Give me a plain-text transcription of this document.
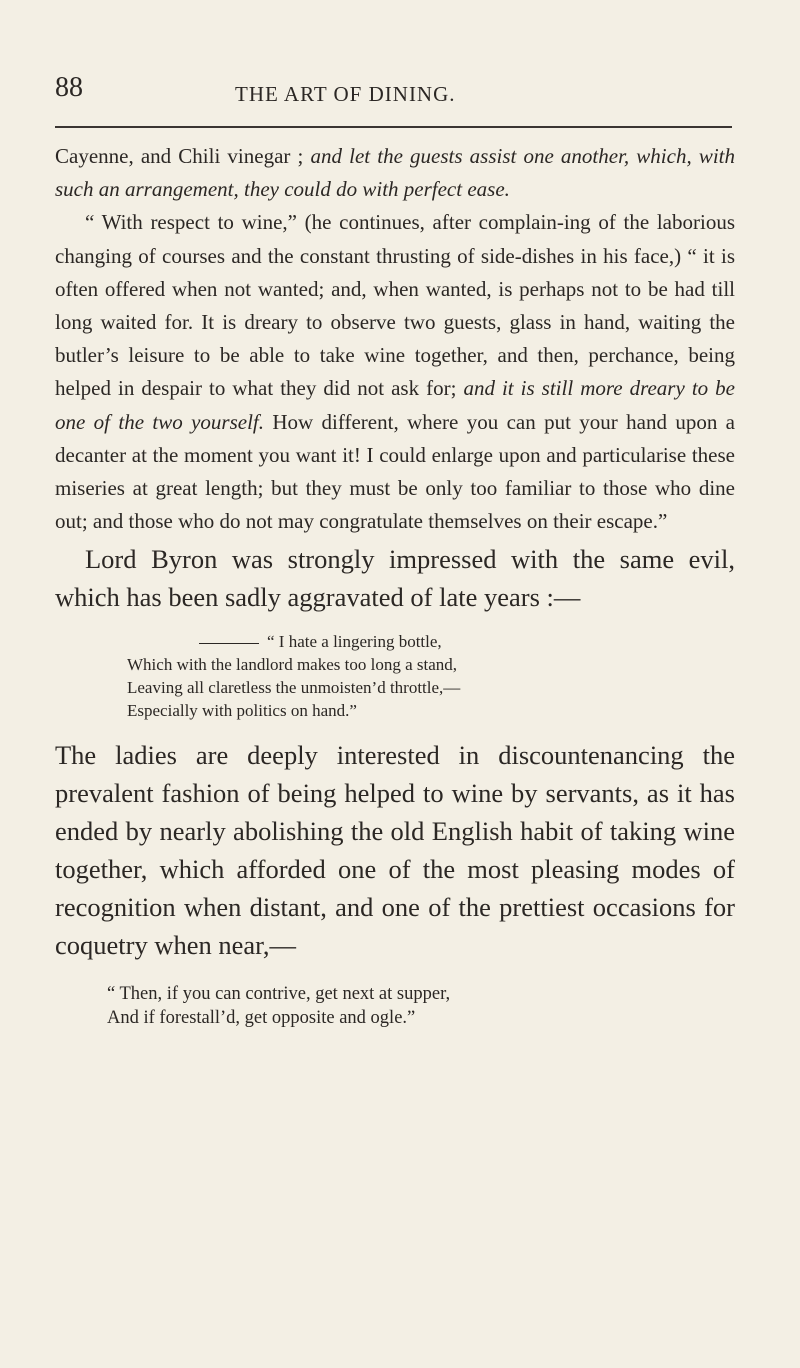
88	THE ART OF DINING.

Cayenne, and Chili vinegar ; and let the guests assist one another, which, with such an arrangement, they could do with perfect ease.

“ With respect to wine,” (he continues, after complain-ing of the laborious changing of courses and the constant thrusting of side-dishes in his face,) “ it is often offered when not wanted; and, when wanted, is perhaps not to be had till long waited for. It is dreary to observe two guests, glass in hand, waiting the butler’s leisure to be able to take wine together, and then, perchance, being helped in despair to what they did not ask for; and it is still more dreary to be one of the two yourself. How different, where you can put your hand upon a decanter at the moment you want it! I could enlarge upon and particularise these miseries at great length; but they must be only too familiar to those who dine out; and those who do not may congratulate themselves on their escape.”

Lord Byron was strongly impressed with the same evil, which has been sadly aggravated of late years :—

“ I hate a lingering bottle,
Which with the landlord makes too long a stand,
Leaving all claretless the unmoisten’d throttle,—
Especially with politics on hand.”

The ladies are deeply interested in discountenancing the prevalent fashion of being helped to wine by servants, as it has ended by nearly abolishing the old English habit of taking wine together, which afforded one of the most pleasing modes of recognition when distant, and one of the prettiest occasions for coquetry when near,—

“ Then, if you can contrive, get next at supper,
And if forestall’d, get opposite and ogle.”
